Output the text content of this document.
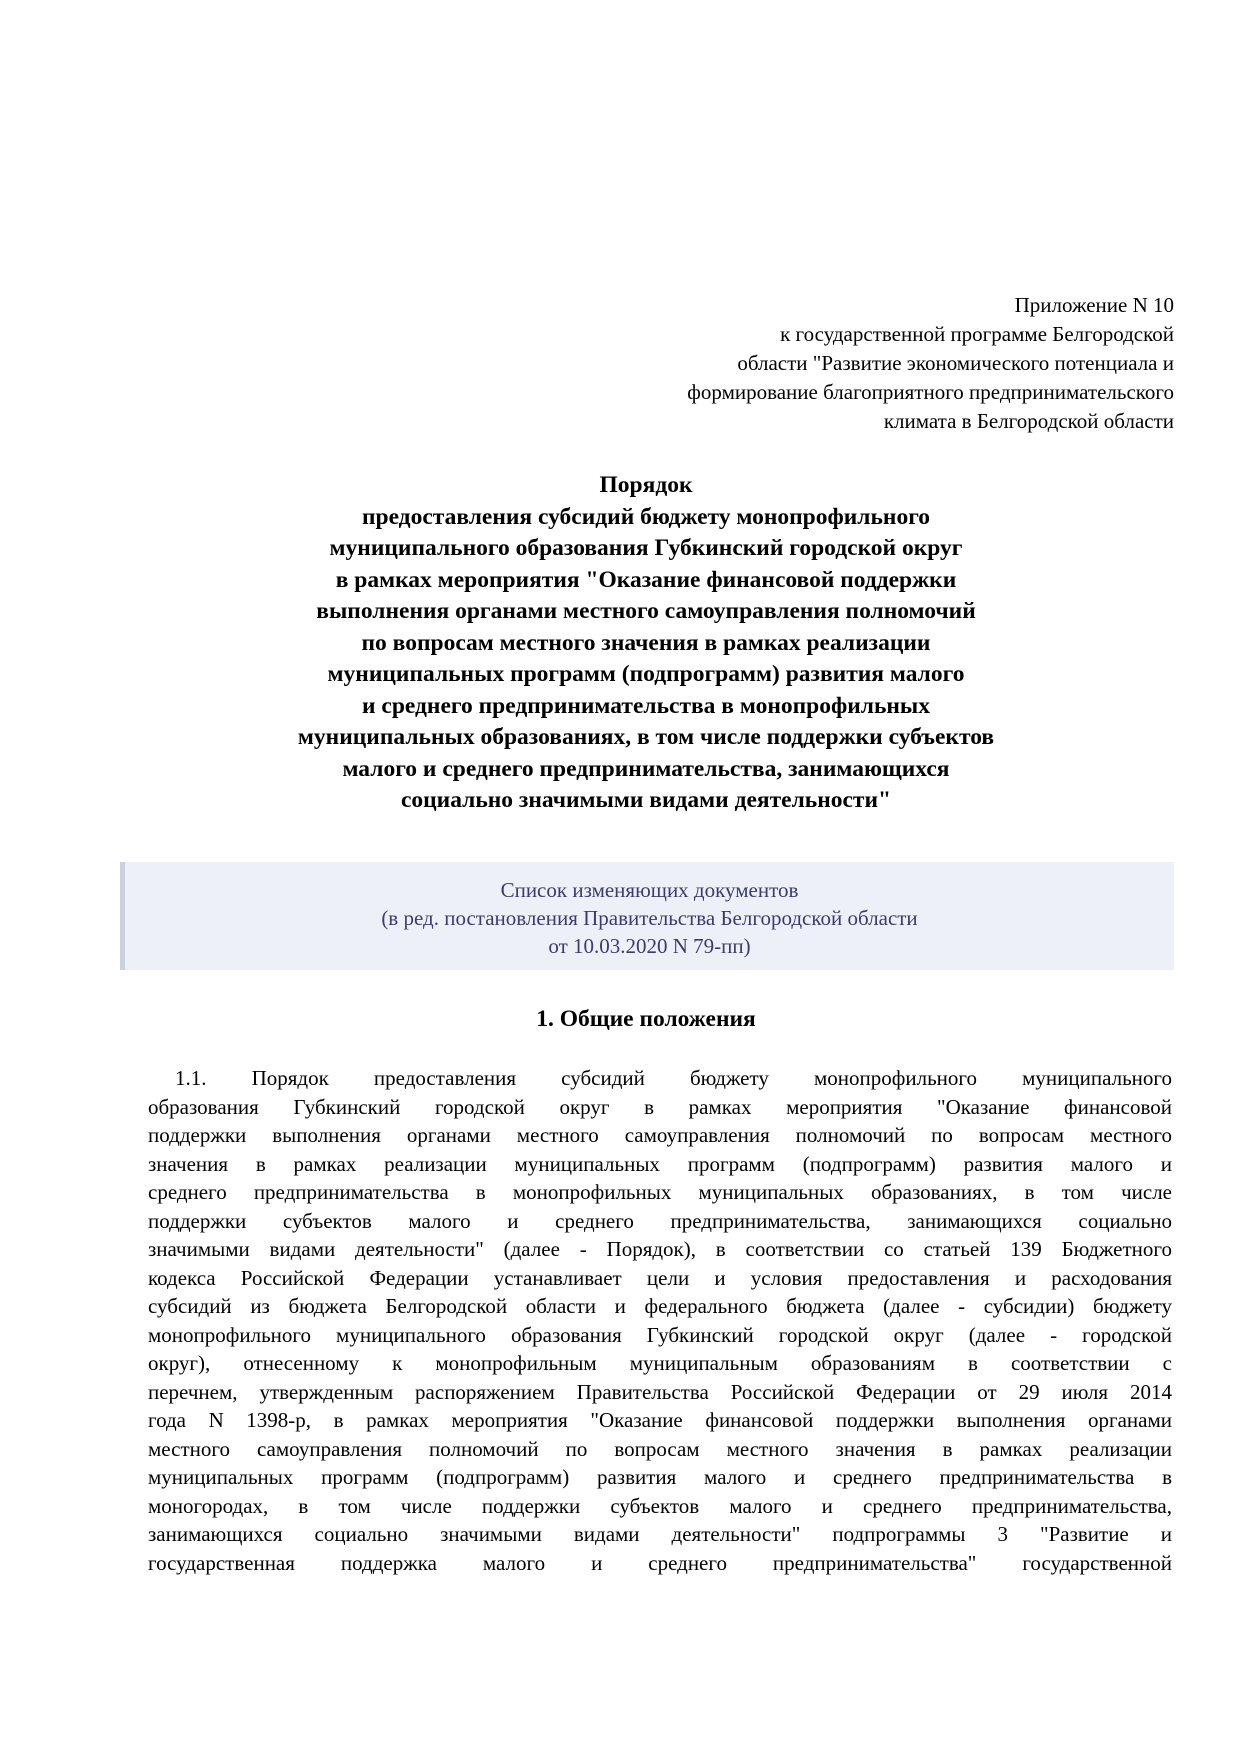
Приложение N 10
к государственной программе Белгородской
области "Развитие экономического потенциала и
формирование благоприятного предпринимательского
климата в Белгородской области
Порядок
предоставления субсидий бюджету монопрофильного
муниципального образования Губкинский городской округ
в рамках мероприятия "Оказание финансовой поддержки
выполнения органами местного самоуправления полномочий
по вопросам местного значения в рамках реализации
муниципальных программ (подпрограмм) развития малого
и среднего предпринимательства в монопрофильных
муниципальных образованиях, в том числе поддержки субъектов
малого и среднего предпринимательства, занимающихся
социально значимыми видами деятельности"
Список изменяющих документов
(в ред. постановления Правительства Белгородской области
от 10.03.2020 N 79-пп)
1. Общие положения
1.1. Порядок предоставления субсидий бюджету монопрофильного муниципального
образования Губкинский городской округ в рамках мероприятия "Оказание финансовой
поддержки выполнения органами местного самоуправления полномочий по вопросам местного
значения в рамках реализации муниципальных программ (подпрограмм) развития малого и
среднего предпринимательства в монопрофильных муниципальных образованиях, в том числе
поддержки субъектов малого и среднего предпринимательства, занимающихся социально
значимыми видами деятельности" (далее - Порядок), в соответствии со статьей 139 Бюджетного
кодекса Российской Федерации устанавливает цели и условия предоставления и расходования
субсидий из бюджета Белгородской области и федерального бюджета (далее - субсидии) бюджету
монопрофильного муниципального образования Губкинский городской округ (далее - городской
округ), отнесенному к монопрофильным муниципальным образованиям в соответствии с
перечнем, утвержденным распоряжением Правительства Российской Федерации от 29 июля 2014
года N 1398-р, в рамках мероприятия "Оказание финансовой поддержки выполнения органами
местного самоуправления полномочий по вопросам местного значения в рамках реализации
муниципальных программ (подпрограмм) развития малого и среднего предпринимательства в
моногородах, в том числе поддержки субъектов малого и среднего предпринимательства,
занимающихся социально значимыми видами деятельности" подпрограммы 3 "Развитие и
государственная поддержка малого и среднего предпринимательства" государственной
